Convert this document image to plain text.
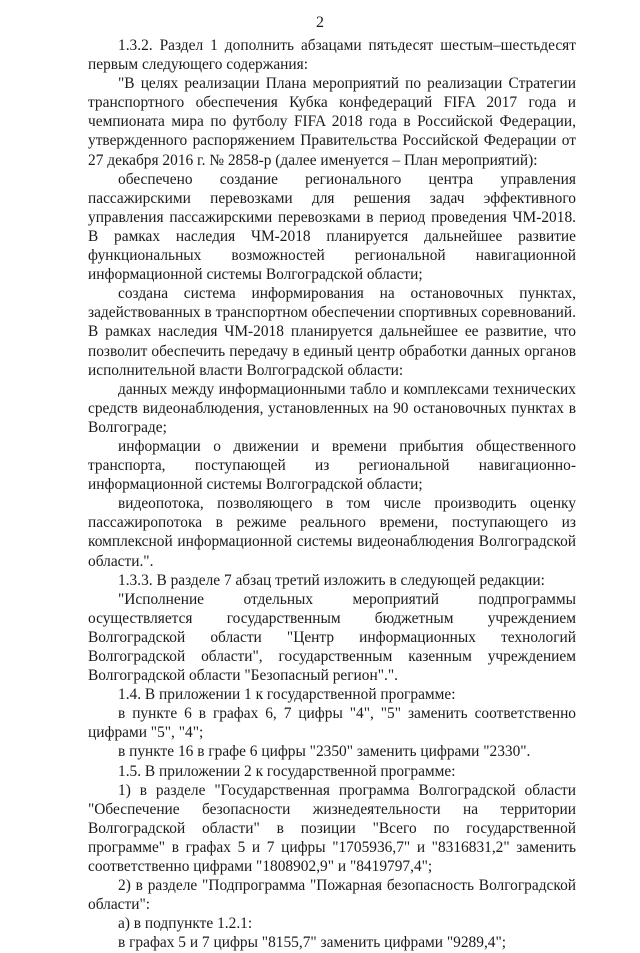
2

1.3.2. Раздел 1 дополнить абзацами пятьдесят шестым–шестьдесят первым следующего содержания:

"В целях реализации Плана мероприятий по реализации Стратегии транспортного обеспечения Кубка конфедераций FIFA 2017 года и чемпионата мира по футболу FIFA 2018 года в Российской Федерации, утвержденного распоряжением Правительства Российской Федерации от 27 декабря 2016 г. № 2858-р (далее именуется – План мероприятий):

обеспечено создание регионального центра управления пассажирскими перевозками для решения задач эффективного управления пассажирскими перевозками в период проведения ЧМ-2018. В рамках наследия ЧМ-2018 планируется дальнейшее развитие функциональных возможностей региональной навигационной информационной системы Волгоградской области;

создана система информирования на остановочных пунктах, задействованных в транспортном обеспечении спортивных соревнований. В рамках наследия ЧМ-2018 планируется дальнейшее ее развитие, что позволит обеспечить передачу в единый центр обработки данных органов исполнительной власти Волгоградской области:

данных между информационными табло и комплексами технических средств видеонаблюдения, установленных на 90 остановочных пунктах в Волгограде;

информации о движении и времени прибытия общественного транспорта, поступающей из региональной навигационно-информационной системы Волгоградской области;

видеопотока, позволяющего в том числе производить оценку пассажиропотока в режиме реального времени, поступающего из комплексной информационной системы видеонаблюдения Волгоградской области.".

1.3.3. В разделе 7 абзац третий изложить в следующей редакции:

"Исполнение отдельных мероприятий подпрограммы осуществляется государственным бюджетным учреждением Волгоградской области "Центр информационных технологий Волгоградской области", государственным казенным учреждением Волгоградской области "Безопасный регион".".

1.4. В приложении 1 к государственной программе:

в пункте 6 в графах 6, 7 цифры "4", "5" заменить соответственно цифрами "5", "4";

в пункте 16 в графе 6 цифры "2350" заменить цифрами "2330".

1.5. В приложении 2 к государственной программе:

1) в разделе "Государственная программа Волгоградской области "Обеспечение безопасности жизнедеятельности на территории Волгоградской области" в позиции "Всего по государственной программе" в графах 5 и 7 цифры "1705936,7" и "8316831,2" заменить соответственно цифрами "1808902,9" и "8419797,4";

2) в разделе "Подпрограмма "Пожарная безопасность Волгоградской области":

а) в подпункте 1.2.1:

в графах 5 и 7 цифры "8155,7" заменить цифрами "9289,4";
